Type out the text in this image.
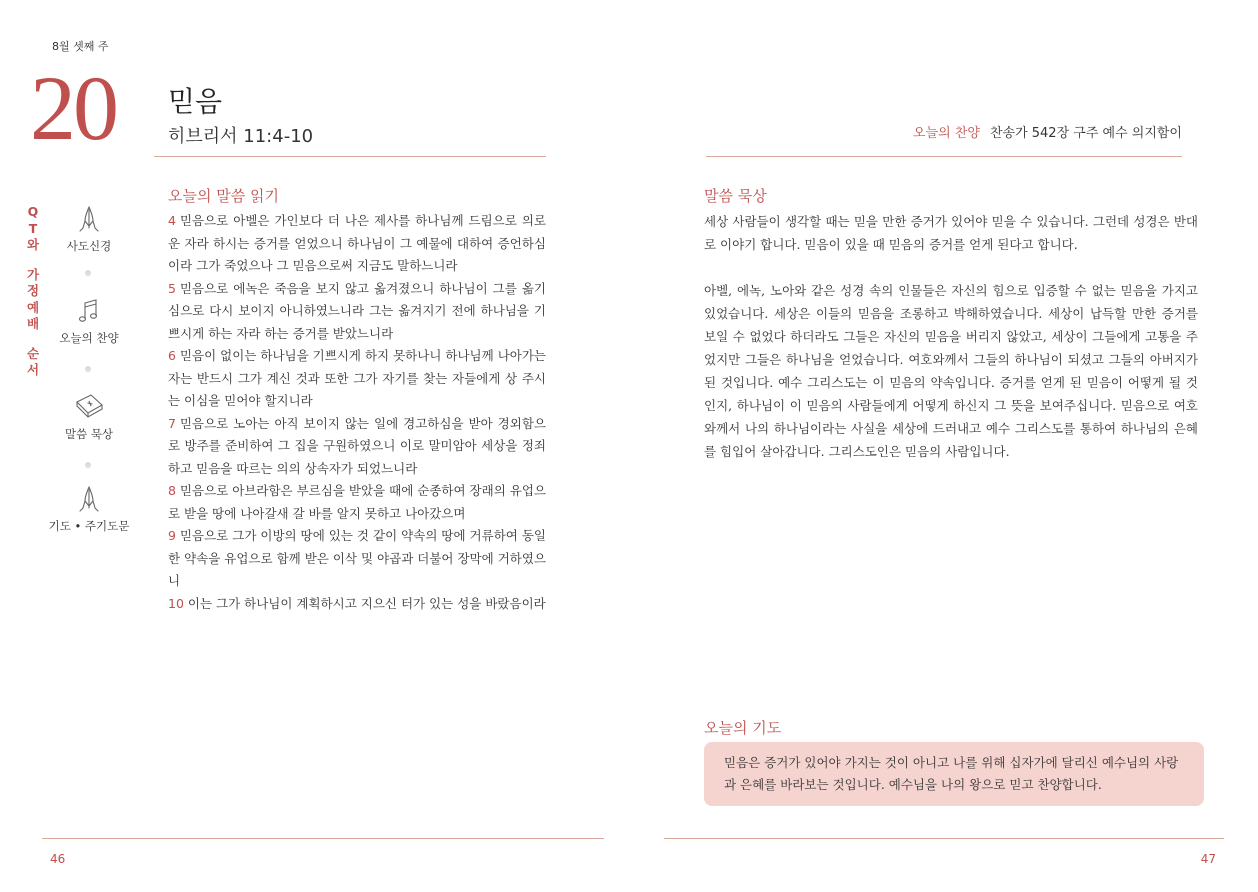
8월 셋째 주
20 믿음
히브리서 11:4-10	오늘의 찬양 찬송가 542장 구주 예수 의지함이
Q
T
와
가
정
예
배
순
서
사도신경
오늘의 찬양
말씀 묵상
기도 • 주기도문
오늘의 말씀 읽기

4 믿음으로 아벨은 가인보다 더 나은 제사를 하나님께 드림으로 의로운 자라 하시는 증거를 얻었으니 하나님이 그 예물에 대하여 증언하심이라 그가 죽었으나 그 믿음으로써 지금도 말하느니라

5 믿음으로 에녹은 죽음을 보지 않고 옮겨졌으니 하나님이 그를 옮기심으로 다시 보이지 아니하였느니라 그는 옮겨지기 전에 하나님을 기쁘시게 하는 자라 하는 증거를 받았느니라

6 믿음이 없이는 하나님을 기쁘시게 하지 못하나니 하나님께 나아가는 자는 반드시 그가 계신 것과 또한 그가 자기를 찾는 자들에게 상 주시는 이심을 믿어야 할지니라

7 믿음으로 노아는 아직 보이지 않는 일에 경고하심을 받아 경외함으로 방주를 준비하여 그 집을 구원하였으니 이로 말미암아 세상을 정죄하고 믿음을 따르는 의의 상속자가 되었느니라

8 믿음으로 아브라함은 부르심을 받았을 때에 순종하여 장래의 유업으로 받을 땅에 나아갈새 갈 바를 알지 못하고 나아갔으며

9 믿음으로 그가 이방의 땅에 있는 것 같이 약속의 땅에 거류하여 동일한 약속을 유업으로 함께 받은 이삭 및 야곱과 더불어 장막에 거하였으니

10 이는 그가 하나님이 계획하시고 지으신 터가 있는 성을 바랐음이라

말씀 묵상

세상 사람들이 생각할 때는 믿을 만한 증거가 있어야 믿을 수 있습니다. 그런데 성경은 반대로 이야기 합니다. 믿음이 있을 때 믿음의 증거를 얻게 된다고 합니다.

아벨, 에녹, 노아와 같은 성경 속의 인물들은 자신의 힘으로 입증할 수 없는 믿음을 가지고 있었습니다. 세상은 이들의 믿음을 조롱하고 박해하였습니다. 세상이 납득할 만한 증거를 보일 수 없었다 하더라도 그들은 자신의 믿음을 버리지 않았고, 세상이 그들에게 고통을 주었지만 그들은 하나님을 얻었습니다. 여호와께서 그들의 하나님이 되셨고 그들의 아버지가 된 것입니다. 예수 그리스도는 이 믿음의 약속입니다. 증거를 얻게 된 믿음이 어떻게 될 것인지, 하나님이 이 믿음의 사람들에게 어떻게 하신지 그 뜻을 보여주십니다. 믿음으로 여호와께서 나의 하나님이라는 사실을 세상에 드러내고 예수 그리스도를 통하여 하나님의 은혜를 힘입어 살아갑니다. 그리스도인은 믿음의 사람입니다.

오늘의 기도
믿음은 증거가 있어야 가지는 것이 아니고 나를 위해 십자가에 달리신 예수님의 사랑과 은혜를 바라보는 것입니다. 예수님을 나의 왕으로 믿고 찬양합니다.
46	47
